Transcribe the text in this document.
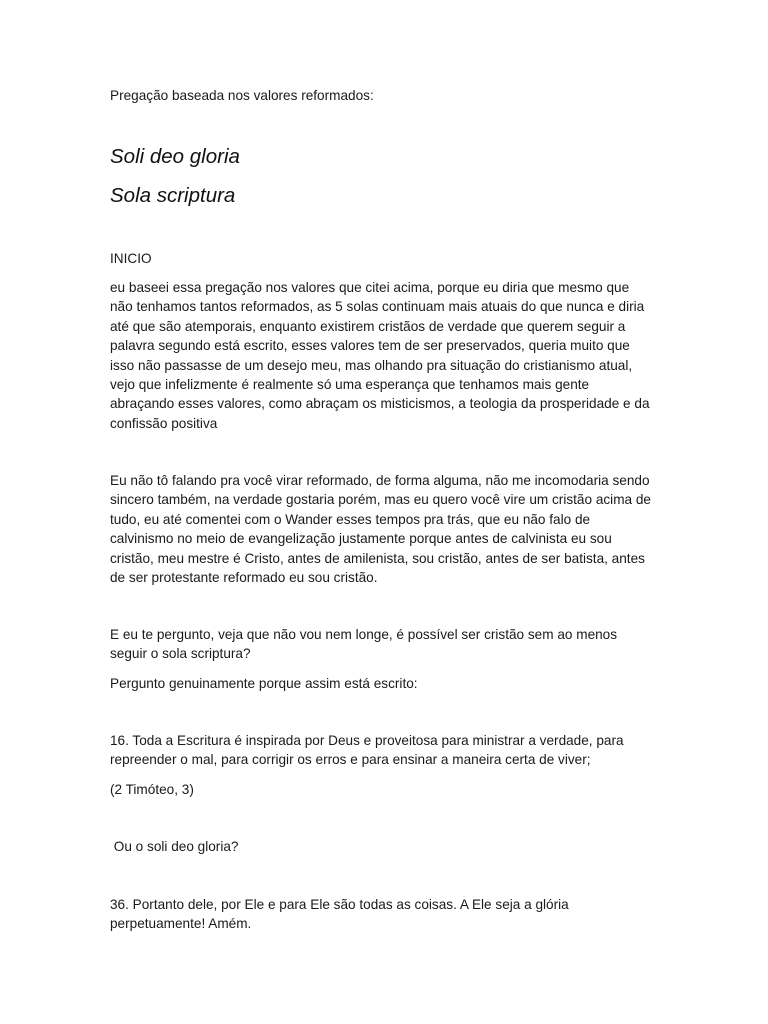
Pregação baseada nos valores reformados:

Soli deo gloria
Sola scriptura

INICIO

eu baseei essa pregação nos valores que citei acima, porque eu diria que mesmo que não tenhamos tantos reformados, as 5 solas continuam mais atuais do que nunca e diria até que são atemporais, enquanto existirem cristãos de verdade que querem seguir a palavra segundo está escrito, esses valores tem de ser preservados, queria muito que isso não passasse de um desejo meu, mas olhando pra situação do cristianismo atual, vejo que infelizmente é realmente só uma esperança que tenhamos mais gente abraçando esses valores, como abraçam os misticismos, a teologia da prosperidade e da confissão positiva

Eu não tô falando pra você virar reformado, de forma alguma, não me incomodaria sendo sincero também, na verdade gostaria porém, mas eu quero você vire um cristão acima de tudo, eu até comentei com o Wander esses tempos pra trás, que eu não falo de calvinismo no meio de evangelização justamente porque antes de calvinista eu sou cristão, meu mestre é Cristo, antes de amilenista, sou cristão, antes de ser batista, antes de ser protestante reformado eu sou cristão.

E eu te pergunto, veja que não vou nem longe, é possível ser cristão sem ao menos seguir o sola scriptura?

Pergunto genuinamente porque assim está escrito:

16. Toda a Escritura é inspirada por Deus e proveitosa para ministrar a verdade, para repreender o mal, para corrigir os erros e para ensinar a maneira certa de viver;

(2 Timóteo, 3)

Ou o soli deo gloria?

36. Portanto dele, por Ele e para Ele são todas as coisas. A Ele seja a glória perpetuamente! Amém.
